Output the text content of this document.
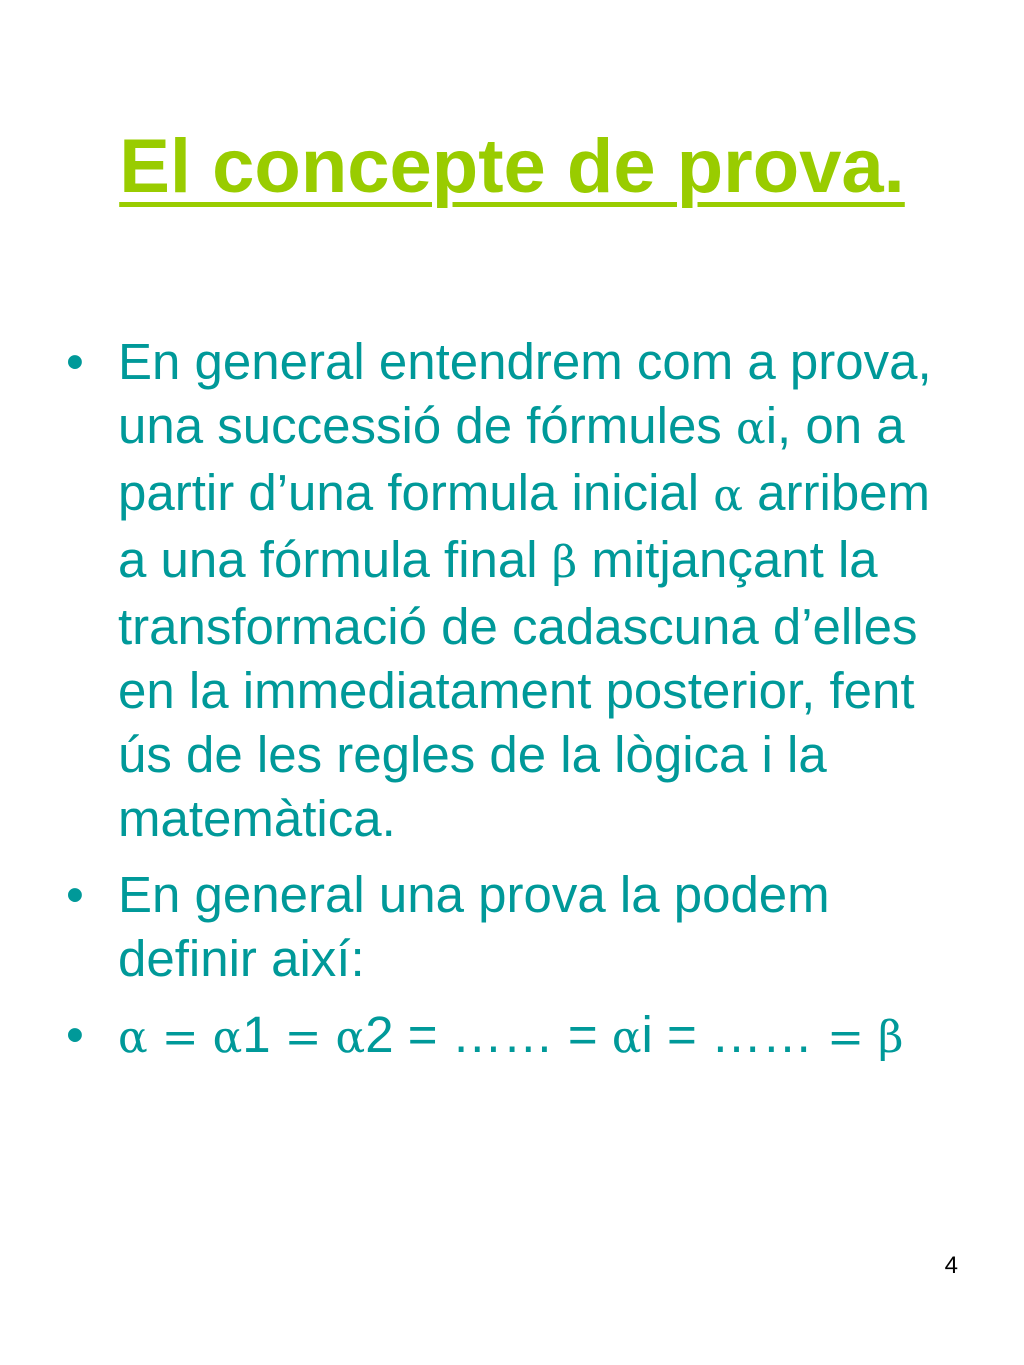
El concepte de prova.
• En general entendrem com a prova, una successió de fórmules αi, on a partir d’una formula inicial α arribem a una fórmula final β mitjançant la transformació de cadascuna d’elles en la immediatament posterior, fent ús de les regles de la lògica i la matemàtica.
• En general una prova la podem definir així:
• α = α1 = α2 = …… = αi = …… = β
4
